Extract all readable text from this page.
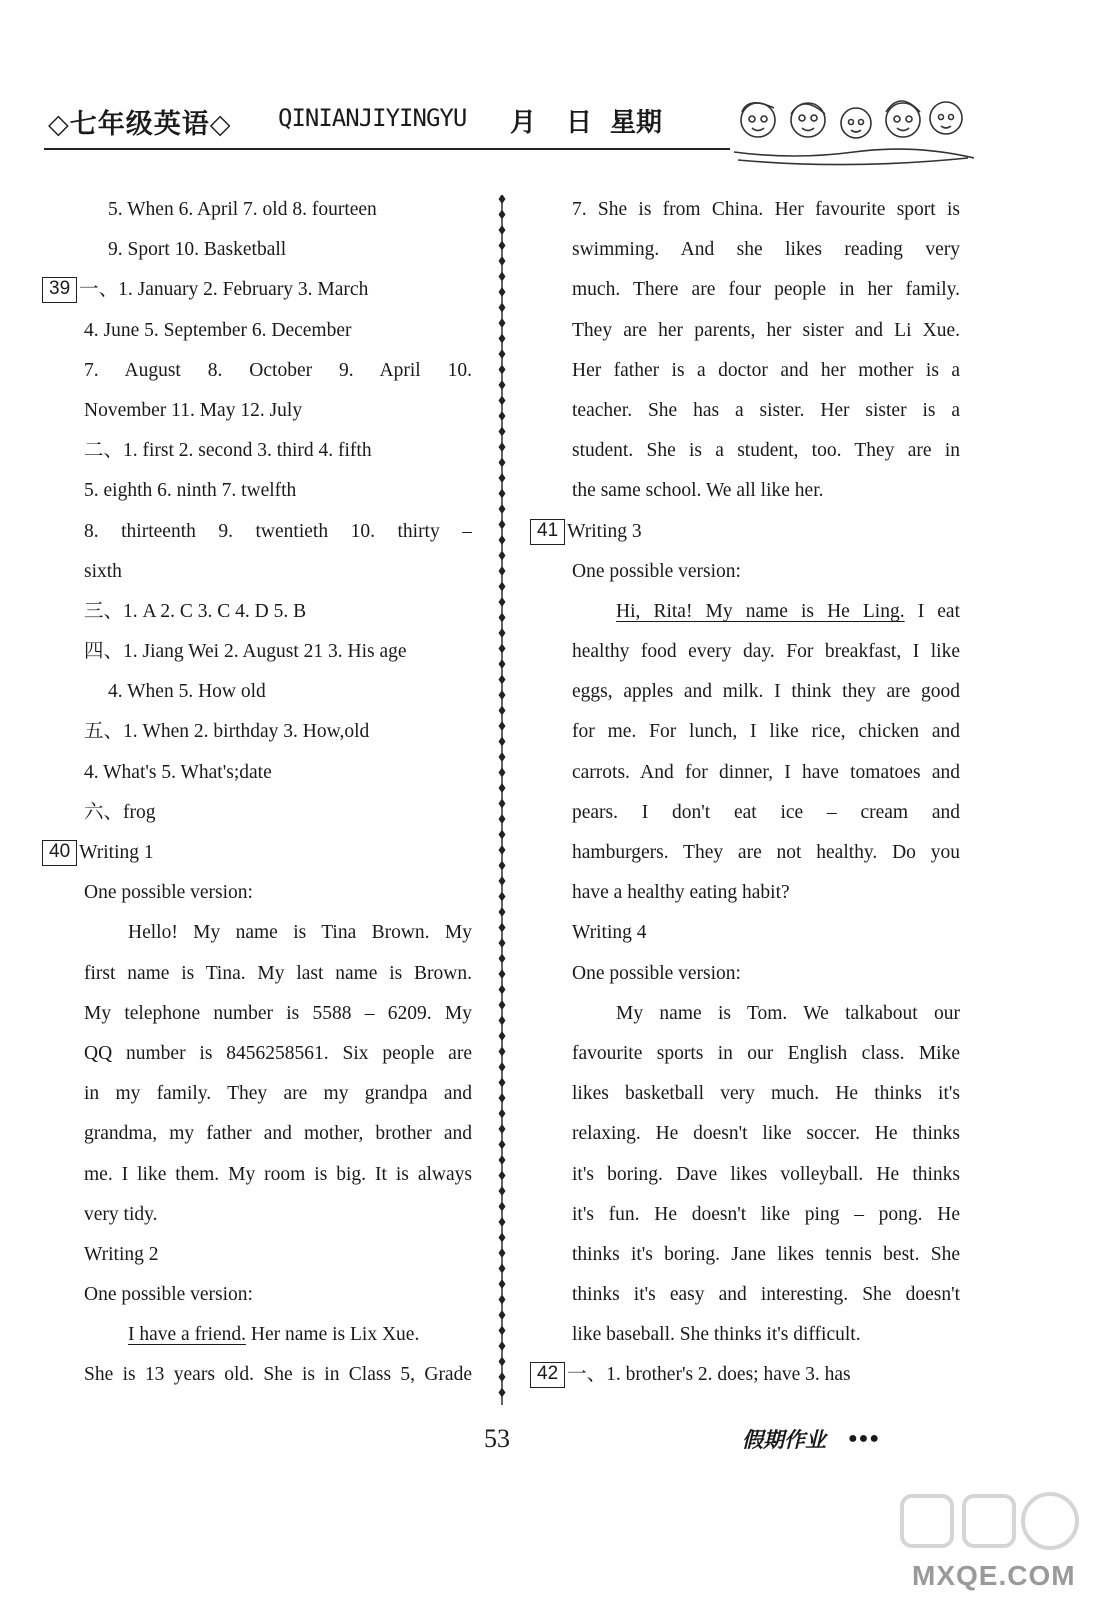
◇七年级英语◇ QINIANJIYINGYU 月 日 星期
5. When 6. April 7. old 8. fourteen
9. Sport 10. Basketball
39 一、1. January 2. February 3. March
4. June 5. September 6. December
7. August 8. October 9. April 10.
November 11. May 12. July
二、1. first 2. second 3. third 4. fifth
5. eighth 6. ninth 7. twelfth
8. thirteenth 9. twentieth 10. thirty –
sixth
三、1. A 2. C 3. C 4. D 5. B
四、1. Jiang Wei 2. August 21 3. His age
4. When 5. How old
五、1. When 2. birthday 3. How,old
4. What's 5. What's;date
六、frog
40 Writing 1
One possible version:
Hello! My name is Tina Brown. My
first name is Tina. My last name is Brown.
My telephone number is 5588 – 6209. My
QQ number is 8456258561. Six people are
in my family. They are my grandpa and
grandma, my father and mother, brother and
me. I like them. My room is big. It is always
very tidy.
Writing 2
One possible version:
I have a friend. Her name is Lix Xue.
She is 13 years old. She is in Class 5, Grade
7. She is from China. Her favourite sport is
swimming. And she likes reading very
much. There are four people in her family.
They are her parents, her sister and Li Xue.
Her father is a doctor and her mother is a
teacher. She has a sister. Her sister is a
student. She is a student, too. They are in
the same school. We all like her.
41 Writing 3
One possible version:
Hi, Rita! My name is He Ling. I eat
healthy food every day. For breakfast, I like
eggs, apples and milk. I think they are good
for me. For lunch, I like rice, chicken and
carrots. And for dinner, I have tomatoes and
pears. I don't eat ice – cream and
hamburgers. They are not healthy. Do you
have a healthy eating habit?
Writing 4
One possible version:
My name is Tom. We talkabout our
favourite sports in our English class. Mike
likes basketball very much. He thinks it's
relaxing. He doesn't like soccer. He thinks
it's boring. Dave likes volleyball. He thinks
it's fun. He doesn't like ping – pong. He
thinks it's boring. Jane likes tennis best. She
thinks it's easy and interesting. She doesn't
like baseball. She thinks it's difficult.
42 一、1. brother's 2. does; have 3. has
53	假期作业 ●●●
MXQE.COM
